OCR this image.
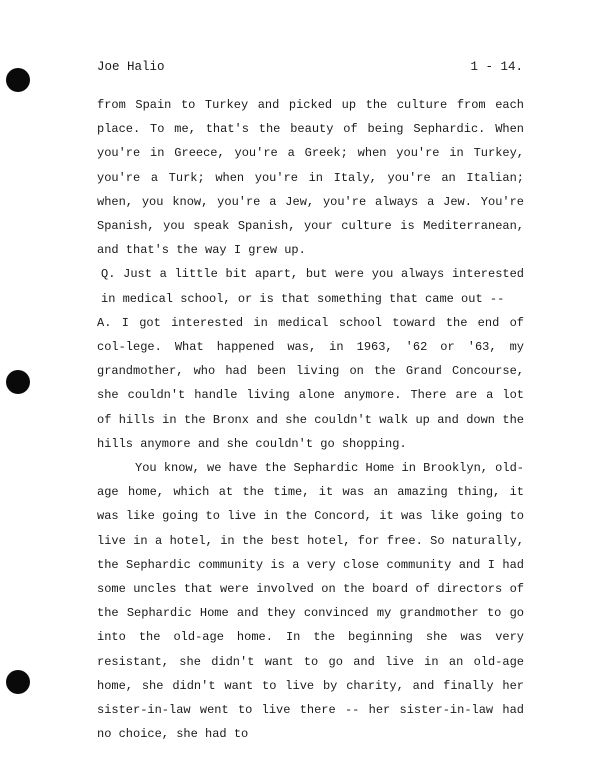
Joe Halio	1 - 14.

from Spain to Turkey and picked up the culture from each place. To me, that's the beauty of being Sephardic. When you're in Greece, you're a Greek; when you're in Turkey, you're a Turk; when you're in Italy, you're an Italian; when, you know, you're a Jew, you're always a Jew. You're Spanish, you speak Spanish, your culture is Mediterranean, and that's the way I grew up.

Q. Just a little bit apart, but were you always interested in medical school, or is that something that came out --

A. I got interested in medical school toward the end of col-lege. What happened was, in 1963, '62 or '63, my grandmother, who had been living on the Grand Concourse, she couldn't handle living alone anymore. There are a lot of hills in the Bronx and she couldn't walk up and down the hills anymore and she couldn't go shopping.

You know, we have the Sephardic Home in Brooklyn, old-age home, which at the time, it was an amazing thing, it was like going to live in the Concord, it was like going to live in a hotel, in the best hotel, for free. So naturally, the Sephardic community is a very close community and I had some uncles that were involved on the board of directors of the Sephardic Home and they convinced my grandmother to go into the old-age home. In the beginning she was very resistant, she didn't want to go and live in an old-age home, she didn't want to live by charity, and finally her sister-in-law went to live there -- her sister-in-law had no choice, she had to
